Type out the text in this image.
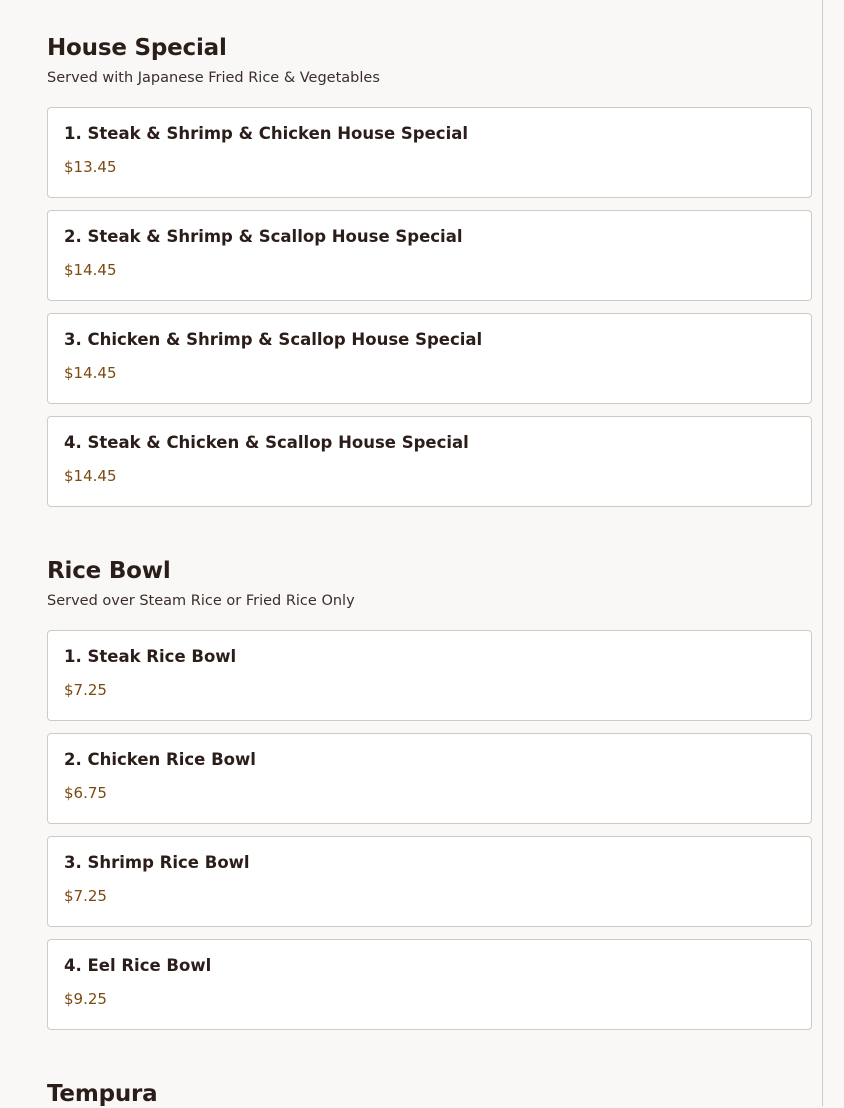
House Special

Served with Japanese Fried Rice & Vegetables

1. Steak & Shrimp & Chicken House Special
$13.45
2. Steak & Shrimp & Scallop House Special
$14.45
3. Chicken & Shrimp & Scallop House Special
$14.45
4. Steak & Chicken & Scallop House Special
$14.45
Rice Bowl

Served over Steam Rice or Fried Rice Only

1. Steak Rice Bowl
$7.25
2. Chicken Rice Bowl
$6.75
3. Shrimp Rice Bowl
$7.25
4. Eel Rice Bowl
$9.25
Tempura
